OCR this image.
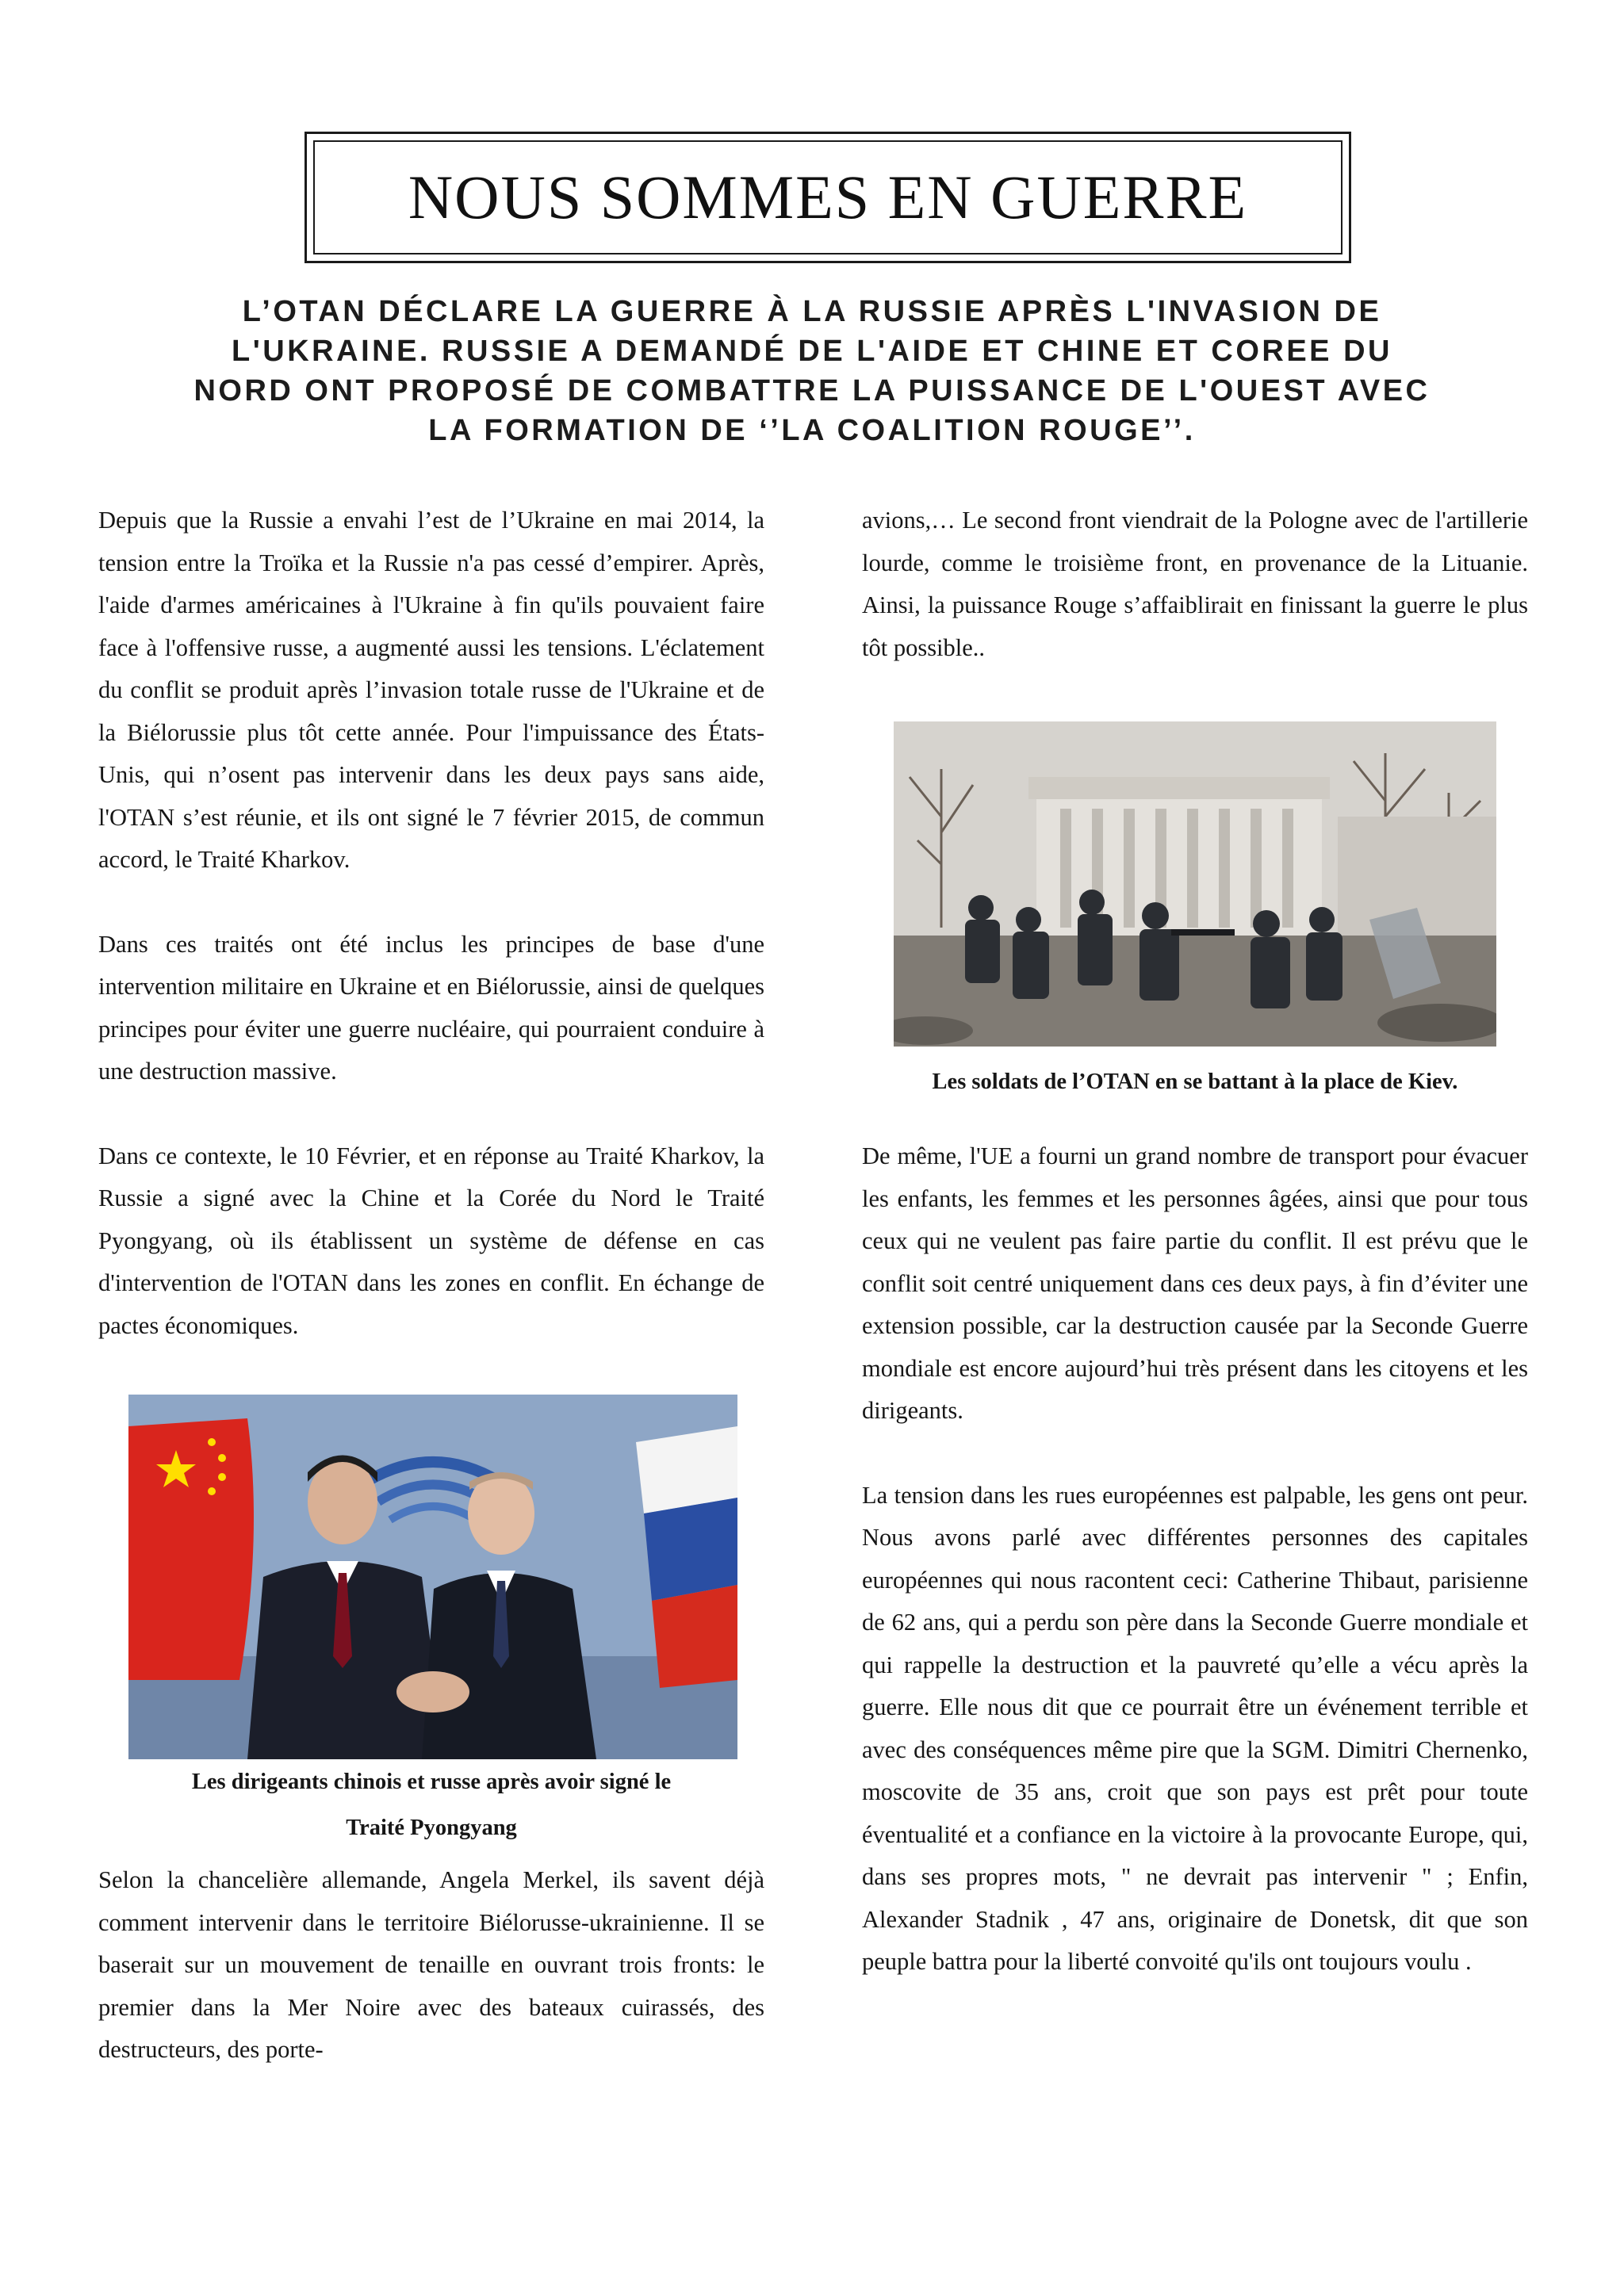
NOUS SOMMES EN GUERRE
L’OTAN DÉCLARE LA GUERRE À LA RUSSIE APRÈS L'INVASION DE
L'UKRAINE. RUSSIE A DEMANDÉ DE L'AIDE ET CHINE ET COREE DU
NORD ONT PROPOSÉ DE COMBATTRE LA PUISSANCE DE L'OUEST AVEC
LA FORMATION DE ‘’LA COALITION ROUGE’’.

Depuis que la Russie a envahi l’est de l’Ukraine en mai 2014, la tension entre la Troïka et la Russie n'a pas cessé d’empirer. Après, l'aide d'armes américaines à l'Ukraine à fin qu'ils pouvaient faire face à l'offensive russe, a augmenté aussi les tensions. L'éclatement du conflit se produit après l’invasion totale russe de l'Ukraine et de la Biélorussie plus tôt cette année. Pour l'impuissance des États-Unis, qui n’osent pas intervenir dans les deux pays sans aide, l'OTAN s’est réunie, et ils ont signé le 7 février 2015, de commun accord, le Traité Kharkov.

Dans ces traités ont été inclus les principes de base d'une intervention militaire en Ukraine et en Biélorussie, ainsi de quelques principes pour éviter une guerre nucléaire, qui pourraient conduire à une destruction massive.

Dans ce contexte, le 10 Février, et en réponse au Traité Kharkov, la Russie a signé avec la Chine et la Corée du Nord le Traité Pyongyang, où ils établissent un système de défense en cas d'intervention de l'OTAN dans les zones en conflit. En échange de pactes économiques.

Les dirigeants chinois et russe après avoir signé le
Traité Pyongyang

Selon la chancelière allemande, Angela Merkel, ils savent déjà comment intervenir dans le territoire Biélorusse-ukrainienne. Il se baserait sur un mouvement de tenaille en ouvrant trois fronts: le premier dans la Mer Noire avec des bateaux cuirassés, des destructeurs, des porte-

avions,… Le second front viendrait de la Pologne avec de l'artillerie lourde, comme le troisième front, en provenance de la Lituanie. Ainsi, la puissance Rouge s’affaiblirait en finissant la guerre le plus tôt possible..

Les soldats de l’OTAN en se battant à la place de Kiev.

De même, l'UE a fourni un grand nombre de transport pour évacuer les enfants, les femmes et les personnes âgées, ainsi que pour tous ceux qui ne veulent pas faire partie du conflit. Il est prévu que le conflit soit centré uniquement dans ces deux pays, à fin d’éviter une extension possible, car la destruction causée par la Seconde Guerre mondiale est encore aujourd’hui très présent dans les citoyens et les dirigeants.

La tension dans les rues européennes est palpable, les gens ont peur. Nous avons parlé avec différentes personnes des capitales européennes qui nous racontent ceci: Catherine Thibaut, parisienne de 62 ans, qui a perdu son père dans la Seconde Guerre mondiale et qui rappelle la destruction et la pauvreté qu’elle a vécu après la guerre. Elle nous dit que ce pourrait être un événement terrible et avec des conséquences même pire que la SGM. Dimitri Chernenko, moscovite de 35 ans, croit que son pays est prêt pour toute éventualité et a confiance en la victoire à la provocante Europe, qui, dans ses propres mots, " ne devrait pas intervenir " ; Enfin, Alexander Stadnik , 47 ans, originaire de Donetsk, dit que son peuple battra pour la liberté convoité qu'ils ont toujours voulu .
